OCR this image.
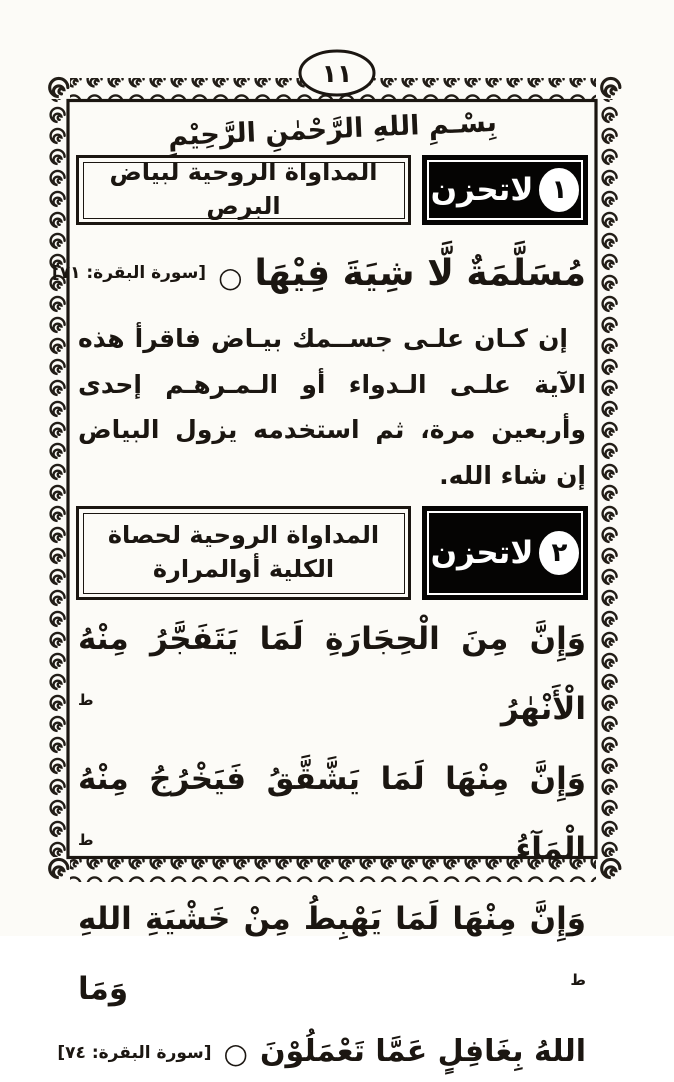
١١
بِسْـمِ اللهِ الرَّحْمٰنِ الرَّحِيْمِ
١
لاتحزن
المداواة الروحية لبياض البرص
مُسَلَّمَةٌ لَّا شِيَةَ فِيْهَا○
[سورة البقرة: ٧١]

إن كـان علـى جســمك بيـاض فاقرأ هذه الآية علـى الـدواء أو الـمـرهـم إحدى وأربعين مرة، ثم استخدمه يزول البياض إن شاء الله.

٢
لاتحزن
المداواة الروحية لحصاة
الكلية أوالمرارة
وَإِنَّ مِنَ الْحِجَارَةِ لَمَا يَتَفَجَّرُ مِنْهُ الْأَنْهٰرُ $^ط$
وَإِنَّ مِنْهَا لَمَا يَشَّقَّقُ فَيَخْرُجُ مِنْهُ الْمَآءُ $^ط$
وَإِنَّ مِنْهَا لَمَا يَهْبِطُ مِنْ خَشْيَةِ اللهِ $^ط$ وَمَا
اللهُ بِغَافِلٍ عَمَّا تَعْمَلُوْنَ○
[سورة البقرة: ٧٤]
